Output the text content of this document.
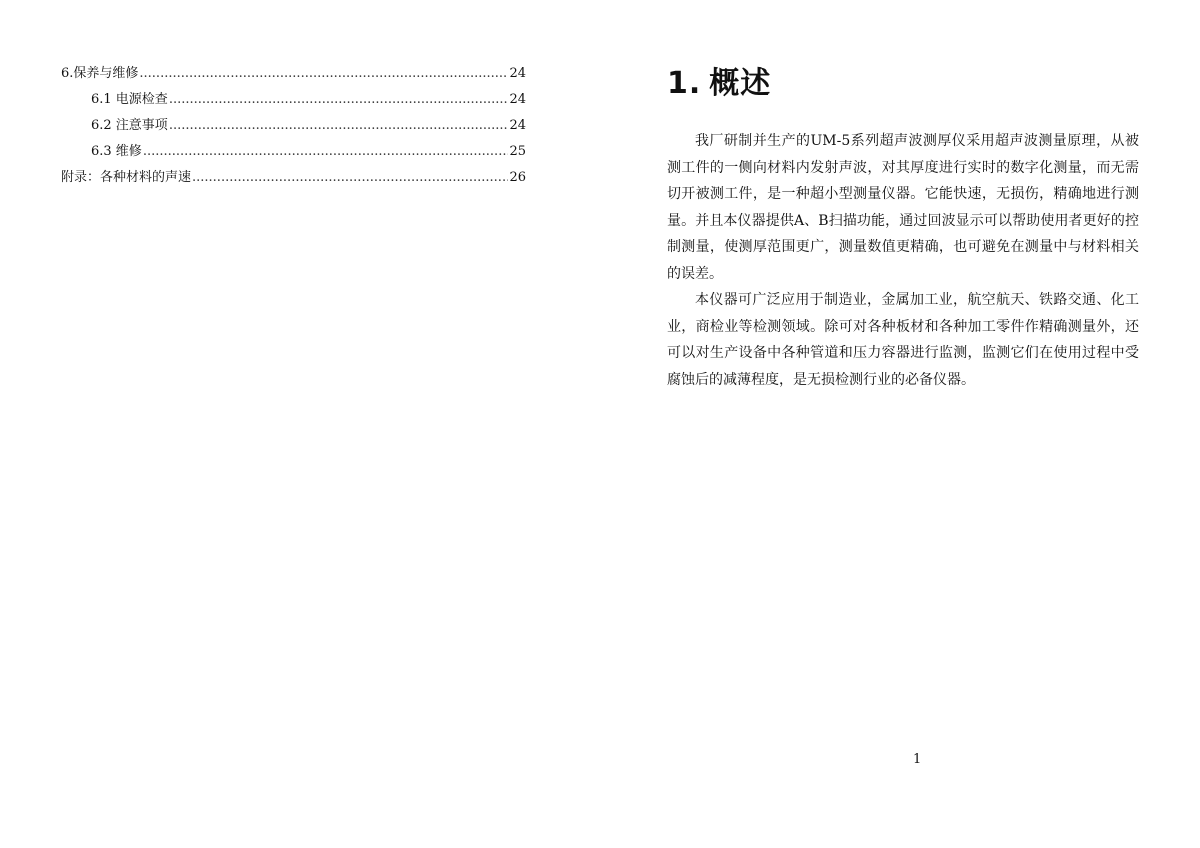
6.保养与维修 .....	24
6.1 电源检查 .....	24
6.2 注意事项 .....	24
6.3 维修 .....	25
附录：各种材料的声速 .....	26
1. 概述

我厂研制并生产的UM-5系列超声波测厚仪采用超声波测量原理，从被测工件的一侧向材料内发射声波，对其厚度进行实时的数字化测量，而无需切开被测工件，是一种超小型测量仪器。它能快速，无损伤，精确地进行测量。并且本仪器提供A、B扫描功能，通过回波显示可以帮助使用者更好的控制测量，使测厚范围更广，测量数值更精确，也可避免在测量中与材料相关的误差。

本仪器可广泛应用于制造业，金属加工业，航空航天、铁路交通、化工业，商检业等检测领域。除可对各种板材和各种加工零件作精确测量外，还可以对生产设备中各种管道和压力容器进行监测，监测它们在使用过程中受腐蚀后的减薄程度，是无损检测行业的必备仪器。

1
